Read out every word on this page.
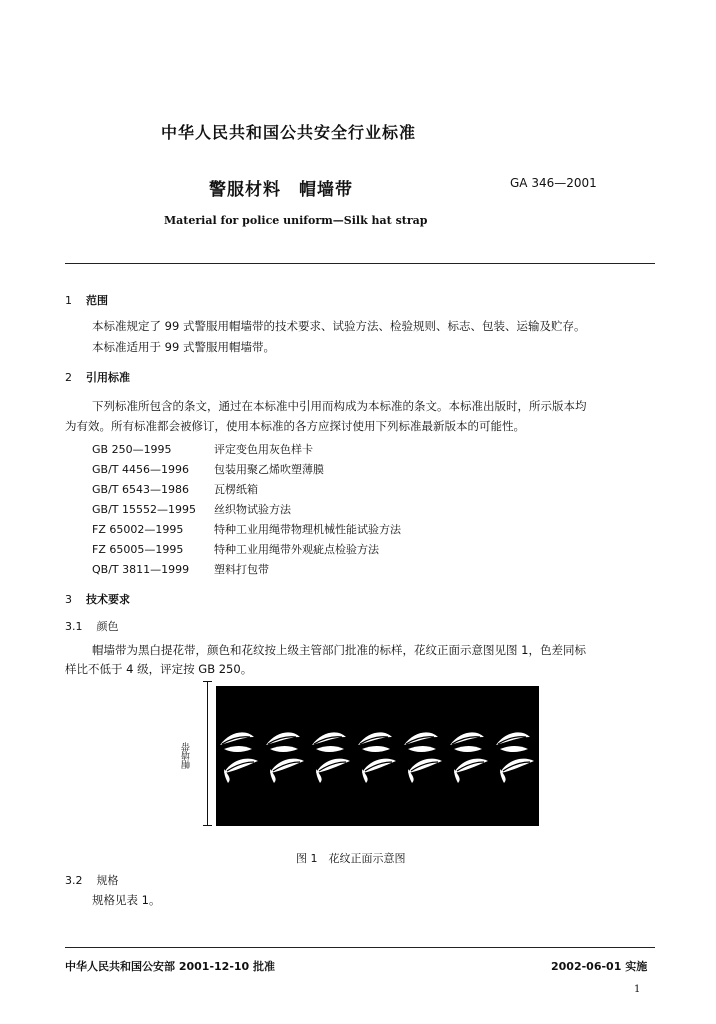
中华人民共和国公共安全行业标准
警服材料　帽墙带	GA 346—2001
Material for police uniform—Silk hat strap
1 范围
本标准规定了 99 式警服用帽墙带的技术要求、试验方法、检验规则、标志、包装、运输及贮存。
本标准适用于 99 式警服用帽墙带。
2 引用标准
下列标准所包含的条文，通过在本标准中引用而构成为本标准的条文。本标准出版时，所示版本均
为有效。所有标准都会被修订，使用本标准的各方应探讨使用下列标准最新版本的可能性。
GB 250—1995	评定变色用灰色样卡
GB/T 4456—1996 包装用聚乙烯吹塑薄膜
GB/T 6543—1986 瓦楞纸箱
GB/T 15552—1995 丝织物试验方法
FZ 65002—1995	特种工业用绳带物理机械性能试验方法
FZ 65005—1995	特种工业用绳带外观疵点检验方法
QB/T 3811—1999 塑料打包带
3 技术要求
3.1 颜色
帽墙带为黑白提花带，颜色和花纹按上级主管部门批准的标样，花纹正面示意图见图 1，色差同标
样比不低于 4 级，评定按 GB 250。
帽墙带
图 1　花纹正面示意图
3.2 规格
规格见表 1。
中华人民共和国公安部 2001-12-10 批准	2002-06-01 实施
1
